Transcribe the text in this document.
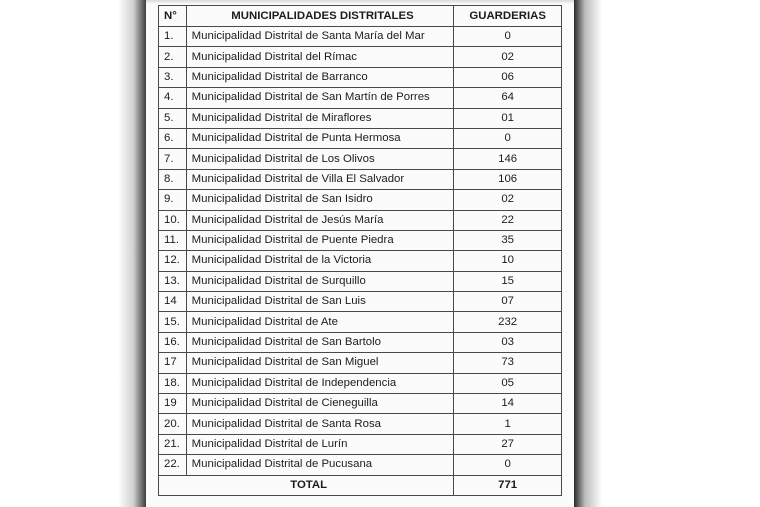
N°	MUNICIPALIDADES DISTRITALES	GUARDERIAS
1.	Municipalidad Distrital de Santa María del Mar	0
2.	Municipalidad Distrital del Rímac	02
3.	Municipalidad Distrital de Barranco	06
4.	Municipalidad Distrital de San Martín de Porres	64
5.	Municipalidad Distrital de Miraflores	01
6.	Municipalidad Distrital de Punta Hermosa	0
7.	Municipalidad Distrital de Los Olivos	146
8.	Municipalidad Distrital de Villa El Salvador	106
9.	Municipalidad Distrital de San Isidro	02
10.	Municipalidad Distrital de Jesús María	22
11.	Municipalidad Distrital de Puente Piedra	35
12.	Municipalidad Distrital de la Victoria	10
13.	Municipalidad Distrital de Surquillo	15
14	Municipalidad Distrital de San Luis	07
15.	Municipalidad Distrital de Ate	232
16.	Municipalidad Distrital de San Bartolo	03
17	Municipalidad Distrital de San Miguel	73
18.	Municipalidad Distrital de Independencia	05
19	Municipalidad Distrital de Cieneguilla	14
20.	Municipalidad Distrital de Santa Rosa	1
21.	Municipalidad Distrital de Lurín	27
22.	Municipalidad Distrital de Pucusana	0
TOTAL		771
